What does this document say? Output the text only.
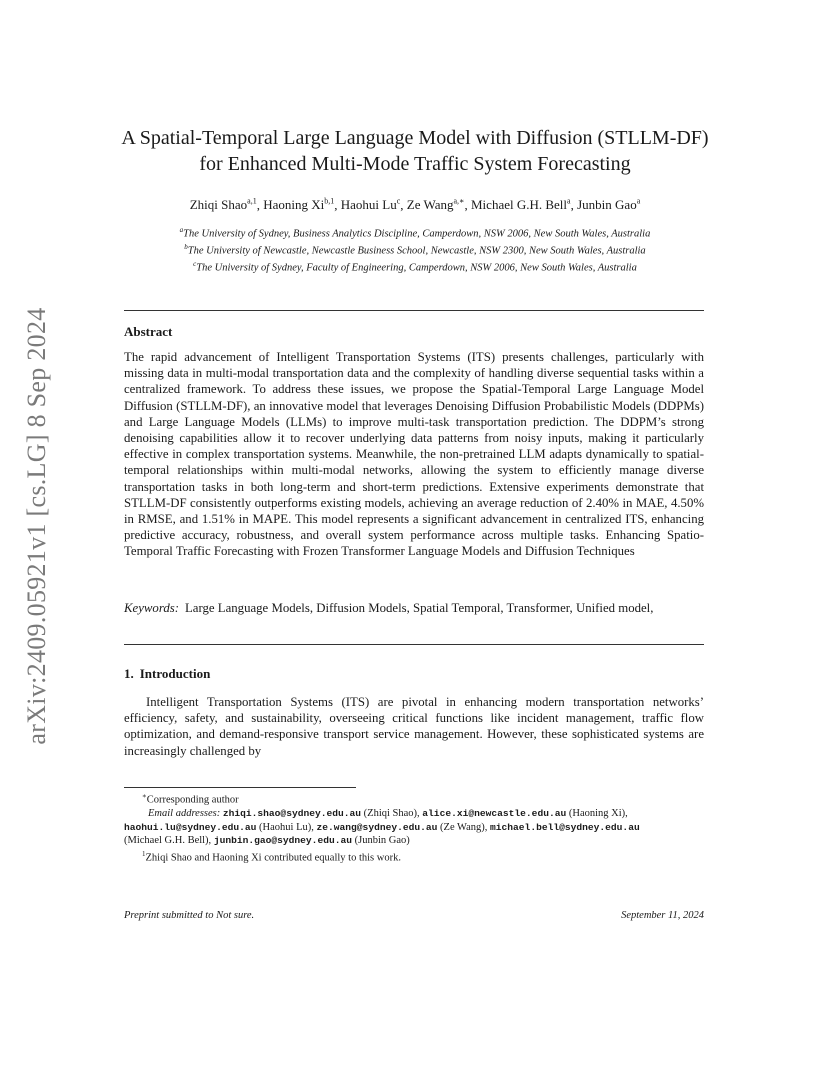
arXiv:2409.05921v1 [cs.LG] 8 Sep 2024
A Spatial-Temporal Large Language Model with Diffusion (STLLM-DF)
for Enhanced Multi-Mode Traffic System Forecasting
Zhiqi Shao$^{a,1}$, Haoning Xi$^{b,1}$, Haohui Lu$^c$, Ze Wang$^{a,∗}$, Michael G.H. Bell$^a$, Junbin Gao$^a$
$^a$The University of Sydney, Business Analytics Discipline, Camperdown, NSW 2006, New South Wales, Australia
$^b$The University of Newcastle, Newcastle Business School, Newcastle, NSW 2300, New South Wales, Australia
$^c$The University of Sydney, Faculty of Engineering, Camperdown, NSW 2006, New South Wales, Australia
Abstract
The rapid advancement of Intelligent Transportation Systems (ITS) presents challenges, particularly with missing data in multi-modal transportation data and the complexity of handling diverse sequential tasks within a centralized framework. To address these issues, we propose the Spatial-Temporal Large Language Model Diffusion (STLLM-DF), an innovative model that leverages Denoising Diffusion Probabilistic Models (DDPMs) and Large Language Models (LLMs) to improve multi-task transportation prediction. The DDPM’s strong denoising capabilities allow it to recover underlying data patterns from noisy inputs, making it particularly effective in complex transportation systems. Meanwhile, the non-pretrained LLM adapts dynamically to spatial-temporal relationships within multi-modal networks, allowing the system to efficiently manage diverse transportation tasks in both long-term and short-term predictions. Extensive experiments demonstrate that STLLM-DF consistently outperforms existing models, achieving an average reduction of 2.40% in MAE, 4.50% in RMSE, and 1.51% in MAPE. This model represents a significant advancement in centralized ITS, enhancing predictive accuracy, robustness, and overall system performance across multiple tasks. Enhancing Spatio-Temporal Traffic Forecasting with Frozen Transformer Language Models and Diffusion Techniques
Keywords: Large Language Models, Diffusion Models, Spatial Temporal, Transformer, Unified model,
1. Introduction
Intelligent Transportation Systems (ITS) are pivotal in enhancing modern transportation networks’ efficiency, safety, and sustainability, overseeing critical functions like incident management, traffic flow optimization, and demand-responsive transport service management. However, these sophisticated systems are increasingly challenged by
∗Corresponding author
Email addresses: zhiqi.shao@sydney.edu.au (Zhiqi Shao), alice.xi@newcastle.edu.au (Haoning Xi),
haohui.lu@sydney.edu.au (Haohui Lu), ze.wang@sydney.edu.au (Ze Wang), michael.bell@sydney.edu.au
(Michael G.H. Bell), junbin.gao@sydney.edu.au (Junbin Gao)
$^1$Zhiqi Shao and Haoning Xi contributed equally to this work.
Preprint submitted to Not sure.	September 11, 2024
